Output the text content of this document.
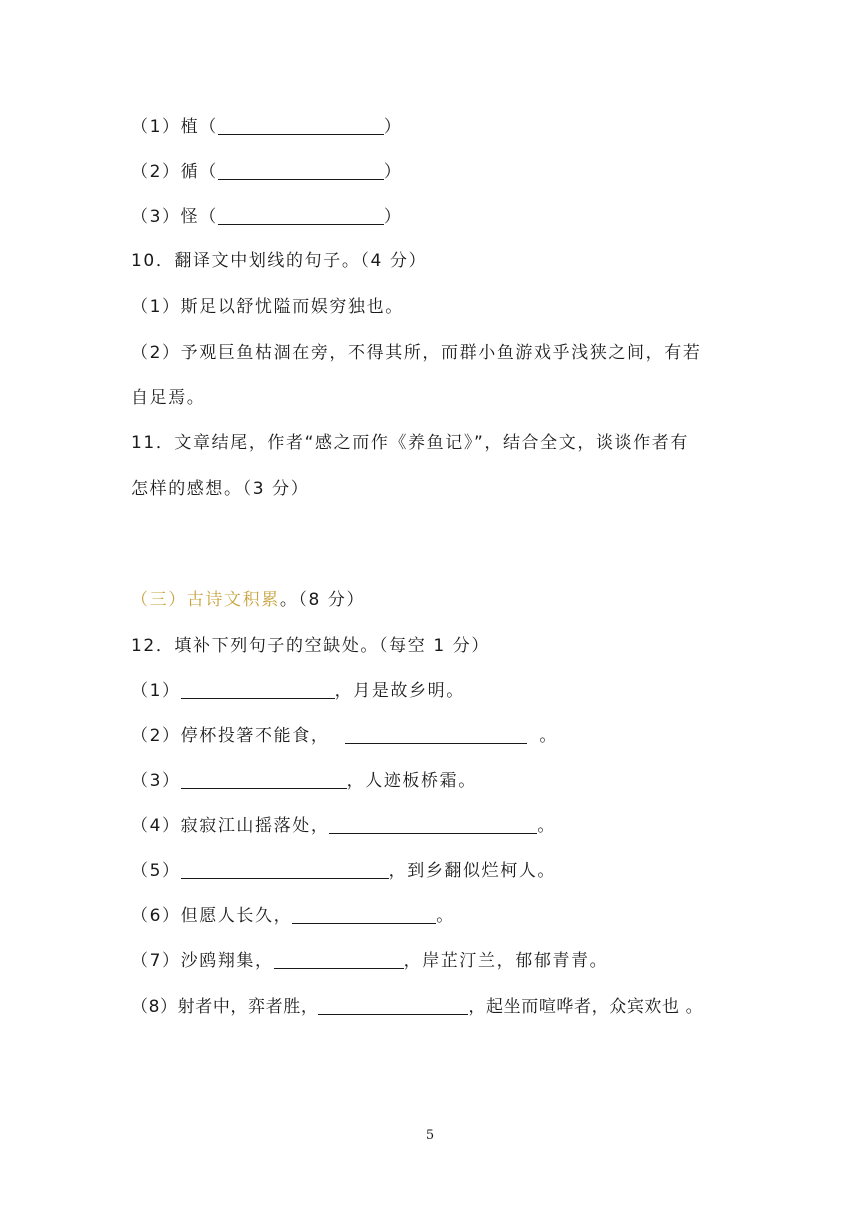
（1）植（	）
（2）循（	）
（3）怪（	）
10．翻译文中划线的句子。（4 分）
（1）斯足以舒忧隘而娱穷独也。
（2）予观巨鱼枯涸在旁，不得其所，而群小鱼游戏乎浅狭之间，有若
自足焉。
11．文章结尾，作者“感之而作《养鱼记》”，结合全文，谈谈作者有
怎样的感想。（3 分）
（三）古诗文积累。（8 分）
12．填补下列句子的空缺处。（每空 1 分）
（1）	，月是故乡明。
（2）停杯投箸不能食，	。
（3）	，人迹板桥霜。
（4）寂寂江山摇落处，	。
（5）	，到乡翻似烂柯人。
（6）但愿人长久，	。
（7）沙鸥翔集，	，岸芷汀兰，郁郁青青。
（8）射者中，弈者胜，	，起坐而喧哗者，众宾欢也 。
5
